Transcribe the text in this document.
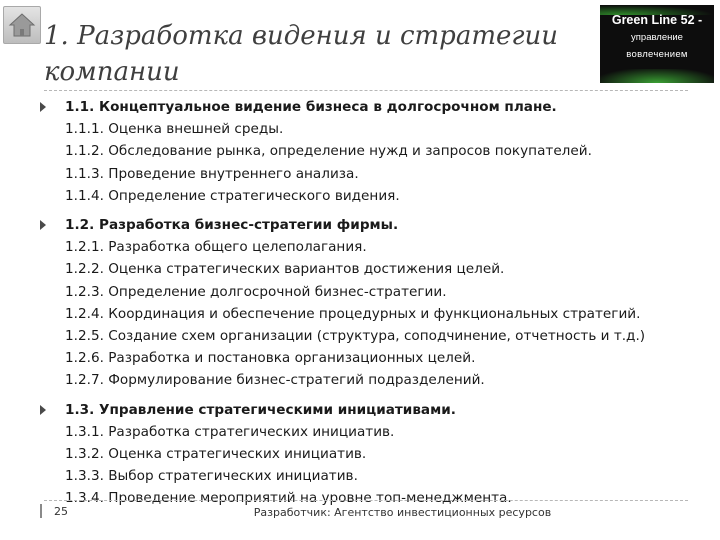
1. Разработка видения и стратегии компании
Green Line 52 -
управление
вовлечением
1.1. Концептуальное видение бизнеса в долгосрочном плане.
1.1.1. Оценка внешней среды.
1.1.2. Обследование рынка, определение нужд и запросов покупателей.
1.1.3. Проведение внутреннего анализа.
1.1.4. Определение стратегического видения.
1.2. Разработка бизнес-стратегии фирмы.
1.2.1. Разработка общего целеполагания.
1.2.2. Оценка стратегических вариантов достижения целей.
1.2.3. Определение долгосрочной бизнес-стратегии.
1.2.4. Координация и обеспечение процедурных и функциональных стратегий.
1.2.5. Создание схем организации (структура, соподчинение, отчетность и т.д.)
1.2.6. Разработка и постановка организационных целей.
1.2.7. Формулирование бизнес-стратегий подразделений.
1.3. Управление стратегическими инициативами.
1.3.1. Разработка стратегических инициатив.
1.3.2. Оценка стратегических инициатив.
1.3.3. Выбор стратегических инициатив.
1.3.4. Проведение мероприятий на уровне топ-менеджмента.
25	Разработчик: Агентство инвестиционных ресурсов
